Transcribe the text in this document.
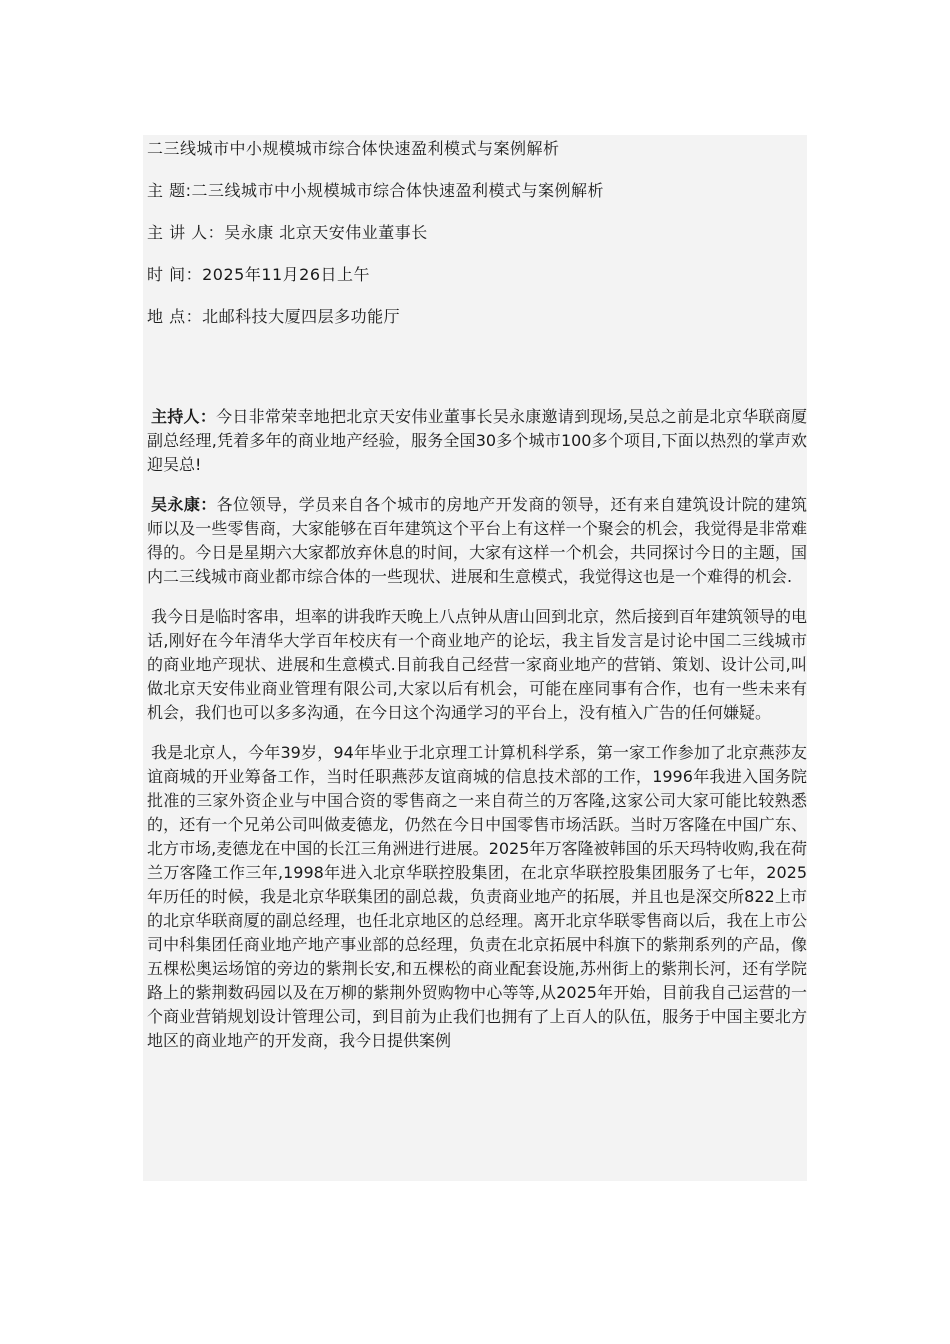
二三线城市中小规模城市综合体快速盈利模式与案例解析
主 题:二三线城市中小规模城市综合体快速盈利模式与案例解析
主 讲 人：吴永康 北京天安伟业董事长
时 间：2025年11月26日上午
地 点：北邮科技大厦四层多功能厅

主持人：今日非常荣幸地把北京天安伟业董事长吴永康邀请到现场,吴总之前是北京华联商厦副总经理,凭着多年的商业地产经验，服务全国30多个城市100多个项目,下面以热烈的掌声欢迎吴总!

吴永康：各位领导，学员来自各个城市的房地产开发商的领导，还有来自建筑设计院的建筑师以及一些零售商，大家能够在百年建筑这个平台上有这样一个聚会的机会，我觉得是非常难得的。今日是星期六大家都放弃休息的时间，大家有这样一个机会，共同探讨今日的主题，国内二三线城市商业都市综合体的一些现状、进展和生意模式，我觉得这也是一个难得的机会.

我今日是临时客串，坦率的讲我昨天晚上八点钟从唐山回到北京，然后接到百年建筑领导的电话,刚好在今年清华大学百年校庆有一个商业地产的论坛，我主旨发言是讨论中国二三线城市的商业地产现状、进展和生意模式.目前我自己经营一家商业地产的营销、策划、设计公司,叫做北京天安伟业商业管理有限公司,大家以后有机会，可能在座同事有合作，也有一些未来有机会，我们也可以多多沟通，在今日这个沟通学习的平台上，没有植入广告的任何嫌疑。

我是北京人，今年39岁，94年毕业于北京理工计算机科学系，第一家工作参加了北京燕莎友谊商城的开业筹备工作，当时任职燕莎友谊商城的信息技术部的工作，1996年我进入国务院批准的三家外资企业与中国合资的零售商之一来自荷兰的万客隆,这家公司大家可能比较熟悉的，还有一个兄弟公司叫做麦德龙，仍然在今日中国零售市场活跃。当时万客隆在中国广东、北方市场,麦德龙在中国的长江三角洲进行进展。2025年万客隆被韩国的乐天玛特收购,我在荷兰万客隆工作三年,1998年进入北京华联控股集团，在北京华联控股集团服务了七年，2025年历任的时候，我是北京华联集团的副总裁，负责商业地产的拓展，并且也是深交所822上市的北京华联商厦的副总经理，也任北京地区的总经理。离开北京华联零售商以后，我在上市公司中科集团任商业地产地产事业部的总经理，负责在北京拓展中科旗下的紫荆系列的产品，像五棵松奥运场馆的旁边的紫荆长安,和五棵松的商业配套设施,苏州街上的紫荆长河，还有学院路上的紫荆数码园以及在万柳的紫荆外贸购物中心等等,从2025年开始，目前我自己运营的一个商业营销规划设计管理公司，到目前为止我们也拥有了上百人的队伍，服务于中国主要北方地区的商业地产的开发商，我今日提供案例
